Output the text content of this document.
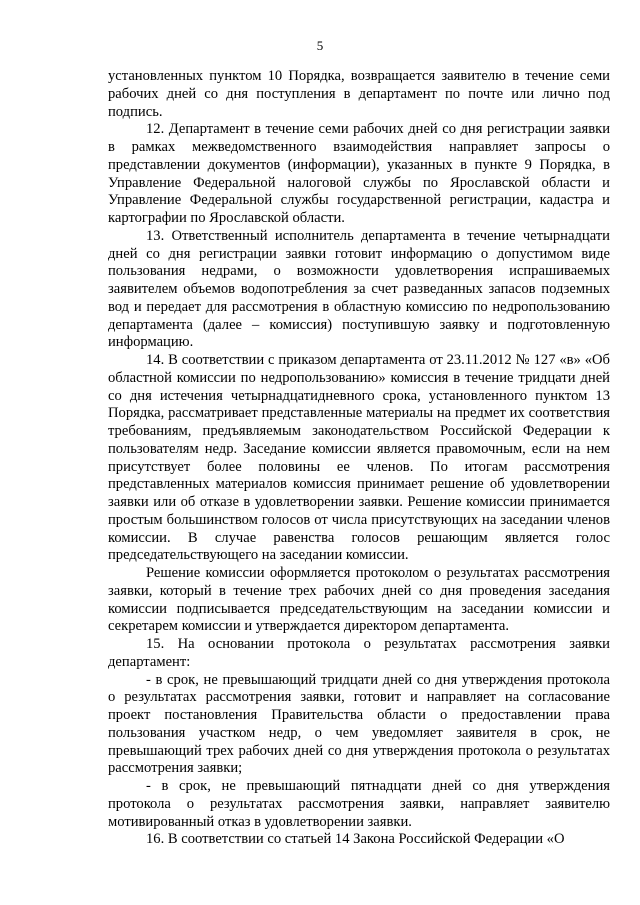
5

установленных пунктом 10 Порядка, возвращается заявителю в течение семи рабочих дней со дня поступления в департамент по почте или лично под подпись.

12. Департамент в течение семи рабочих дней со дня регистрации заявки в рамках межведомственного взаимодействия направляет запросы о представлении документов (информации), указанных в пункте 9 Порядка, в Управление Федеральной налоговой службы по Ярославской области и Управление Федеральной службы государственной регистрации, кадастра и картографии по Ярославской области.

13. Ответственный исполнитель департамента в течение четырнадцати дней со дня регистрации заявки готовит информацию о допустимом виде пользования недрами, о возможности удовлетворения испрашиваемых заявителем объемов водопотребления за счет разведанных запасов подземных вод и передает для рассмотрения в областную комиссию по недропользованию департамента (далее – комиссия) поступившую заявку и подготовленную информацию.

14. В соответствии с приказом департамента от 23.11.2012 № 127 «в» «Об областной комиссии по недропользованию» комиссия в течение тридцати дней со дня истечения четырнадцатидневного срока, установленного пунктом 13 Порядка, рассматривает представленные материалы на предмет их соответствия требованиям, предъявляемым законодательством Российской Федерации к пользователям недр. Заседание комиссии является правомочным, если на нем присутствует более половины ее членов. По итогам рассмотрения представленных материалов комиссия принимает решение об удовлетворении заявки или об отказе в удовлетворении заявки. Решение комиссии принимается простым большинством голосов от числа присутствующих на заседании членов комиссии. В случае равенства голосов решающим является голос председательствующего на заседании комиссии.

Решение комиссии оформляется протоколом о результатах рассмотрения заявки, который в течение трех рабочих дней со дня проведения заседания комиссии подписывается председательствующим на заседании комиссии и секретарем комиссии и утверждается директором департамента.

15. На основании протокола о результатах рассмотрения заявки департамент:

- в срок, не превышающий тридцати дней со дня утверждения протокола о результатах рассмотрения заявки, готовит и направляет на согласование проект постановления Правительства области о предоставлении права пользования участком недр, о чем уведомляет заявителя в срок, не превышающий трех рабочих дней со дня утверждения протокола о результатах рассмотрения заявки;

- в срок, не превышающий пятнадцати дней со дня утверждения протокола о результатах рассмотрения заявки, направляет заявителю мотивированный отказ в удовлетворении заявки.

16. В соответствии со статьей 14 Закона Российской Федерации «О
